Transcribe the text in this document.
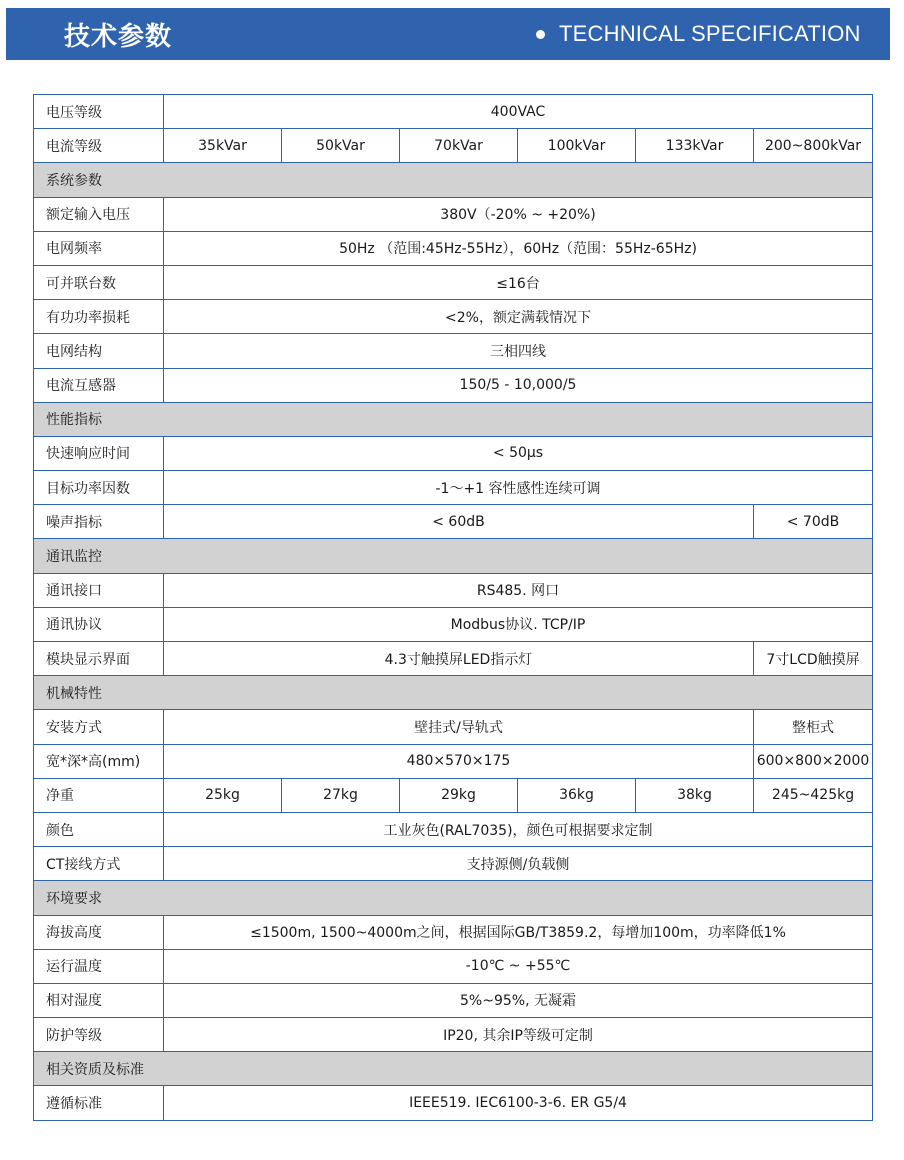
技术参数	TECHNICAL SPECIFICATION
电压等级	400VAC					
电流等级	35kVar	50kVar	70kVar	100kVar	133kVar	200~800kVar
系统参数						
额定输入电压	380V（-20% ~ +20%)					
电网频率	50Hz （范围:45Hz-55Hz），60Hz（范围：55Hz-65Hz)					
可并联台数	≤16台					
有功功率损耗	<2%，额定满载情况下					
电网结构	三相四线					
电流互感器	150/5 - 10,000/5					
性能指标						
快速响应时间	< 50μs					
目标功率因数	-1～+1 容性感性连续可调					
噪声指标	< 60dB					< 70dB
通讯监控						
通讯接口	RS485. 网口					
通讯协议	Modbus协议. TCP/IP					
模块显示界面	4.3寸触摸屏LED指示灯					7寸LCD触摸屏
机械特性						
安装方式	壁挂式/导轨式					整柜式
宽*深*高(mm)	480×570×175					600×800×2000
净重	25kg	27kg	29kg	36kg	38kg	245~425kg
颜色	工业灰色(RAL7035)，颜色可根据要求定制					
CT接线方式	支持源侧/负载侧					
环境要求						
海拔高度	≤1500m, 1500~4000m之间，根据国际GB/T3859.2，每增加100m，功率降低1%					
运行温度	-10℃ ~ +55℃					
相对湿度	5%~95%, 无凝霜					
防护等级	IP20, 其余IP等级可定制					
相关资质及标准						
遵循标准	IEEE519. IEC6100-3-6. ER G5/4					
